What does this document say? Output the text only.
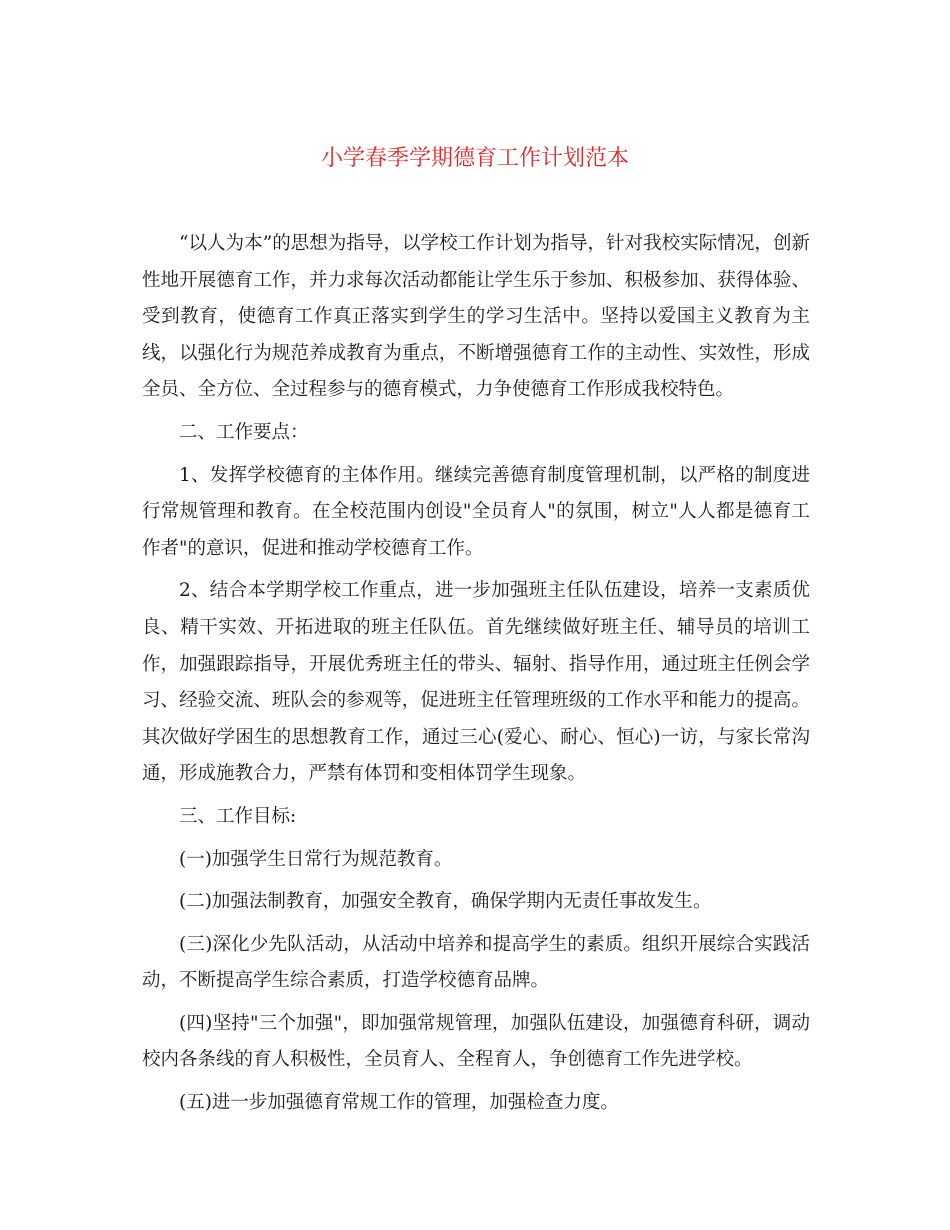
小学春季学期德育工作计划范本

“以人为本”的思想为指导，以学校工作计划为指导，针对我校实际情况，创新性地开展德育工作，并力求每次活动都能让学生乐于参加、积极参加、获得体验、受到教育，使德育工作真正落实到学生的学习生活中。坚持以爱国主义教育为主线，以强化行为规范养成教育为重点，不断增强德育工作的主动性、实效性，形成全员、全方位、全过程参与的德育模式，力争使德育工作形成我校特色。

二、工作要点：

1、发挥学校德育的主体作用。继续完善德育制度管理机制，以严格的制度进行常规管理和教育。在全校范围内创设"全员育人"的氛围，树立"人人都是德育工作者"的意识，促进和推动学校德育工作。

2、结合本学期学校工作重点，进一步加强班主任队伍建设，培养一支素质优良、精干实效、开拓进取的班主任队伍。首先继续做好班主任、辅导员的培训工作，加强跟踪指导，开展优秀班主任的带头、辐射、指导作用，通过班主任例会学习、经验交流、班队会的参观等，促进班主任管理班级的工作水平和能力的提高。其次做好学困生的思想教育工作，通过三心(爱心、耐心、恒心)一访，与家长常沟通，形成施教合力，严禁有体罚和变相体罚学生现象。

三、工作目标:

(一)加强学生日常行为规范教育。

(二)加强法制教育，加强安全教育，确保学期内无责任事故发生。

(三)深化少先队活动，从活动中培养和提高学生的素质。组织开展综合实践活动，不断提高学生综合素质，打造学校德育品牌。

(四)坚持"三个加强"，即加强常规管理，加强队伍建设，加强德育科研，调动校内各条线的育人积极性，全员育人、全程育人，争创德育工作先进学校。

(五)进一步加强德育常规工作的管理，加强检查力度。
